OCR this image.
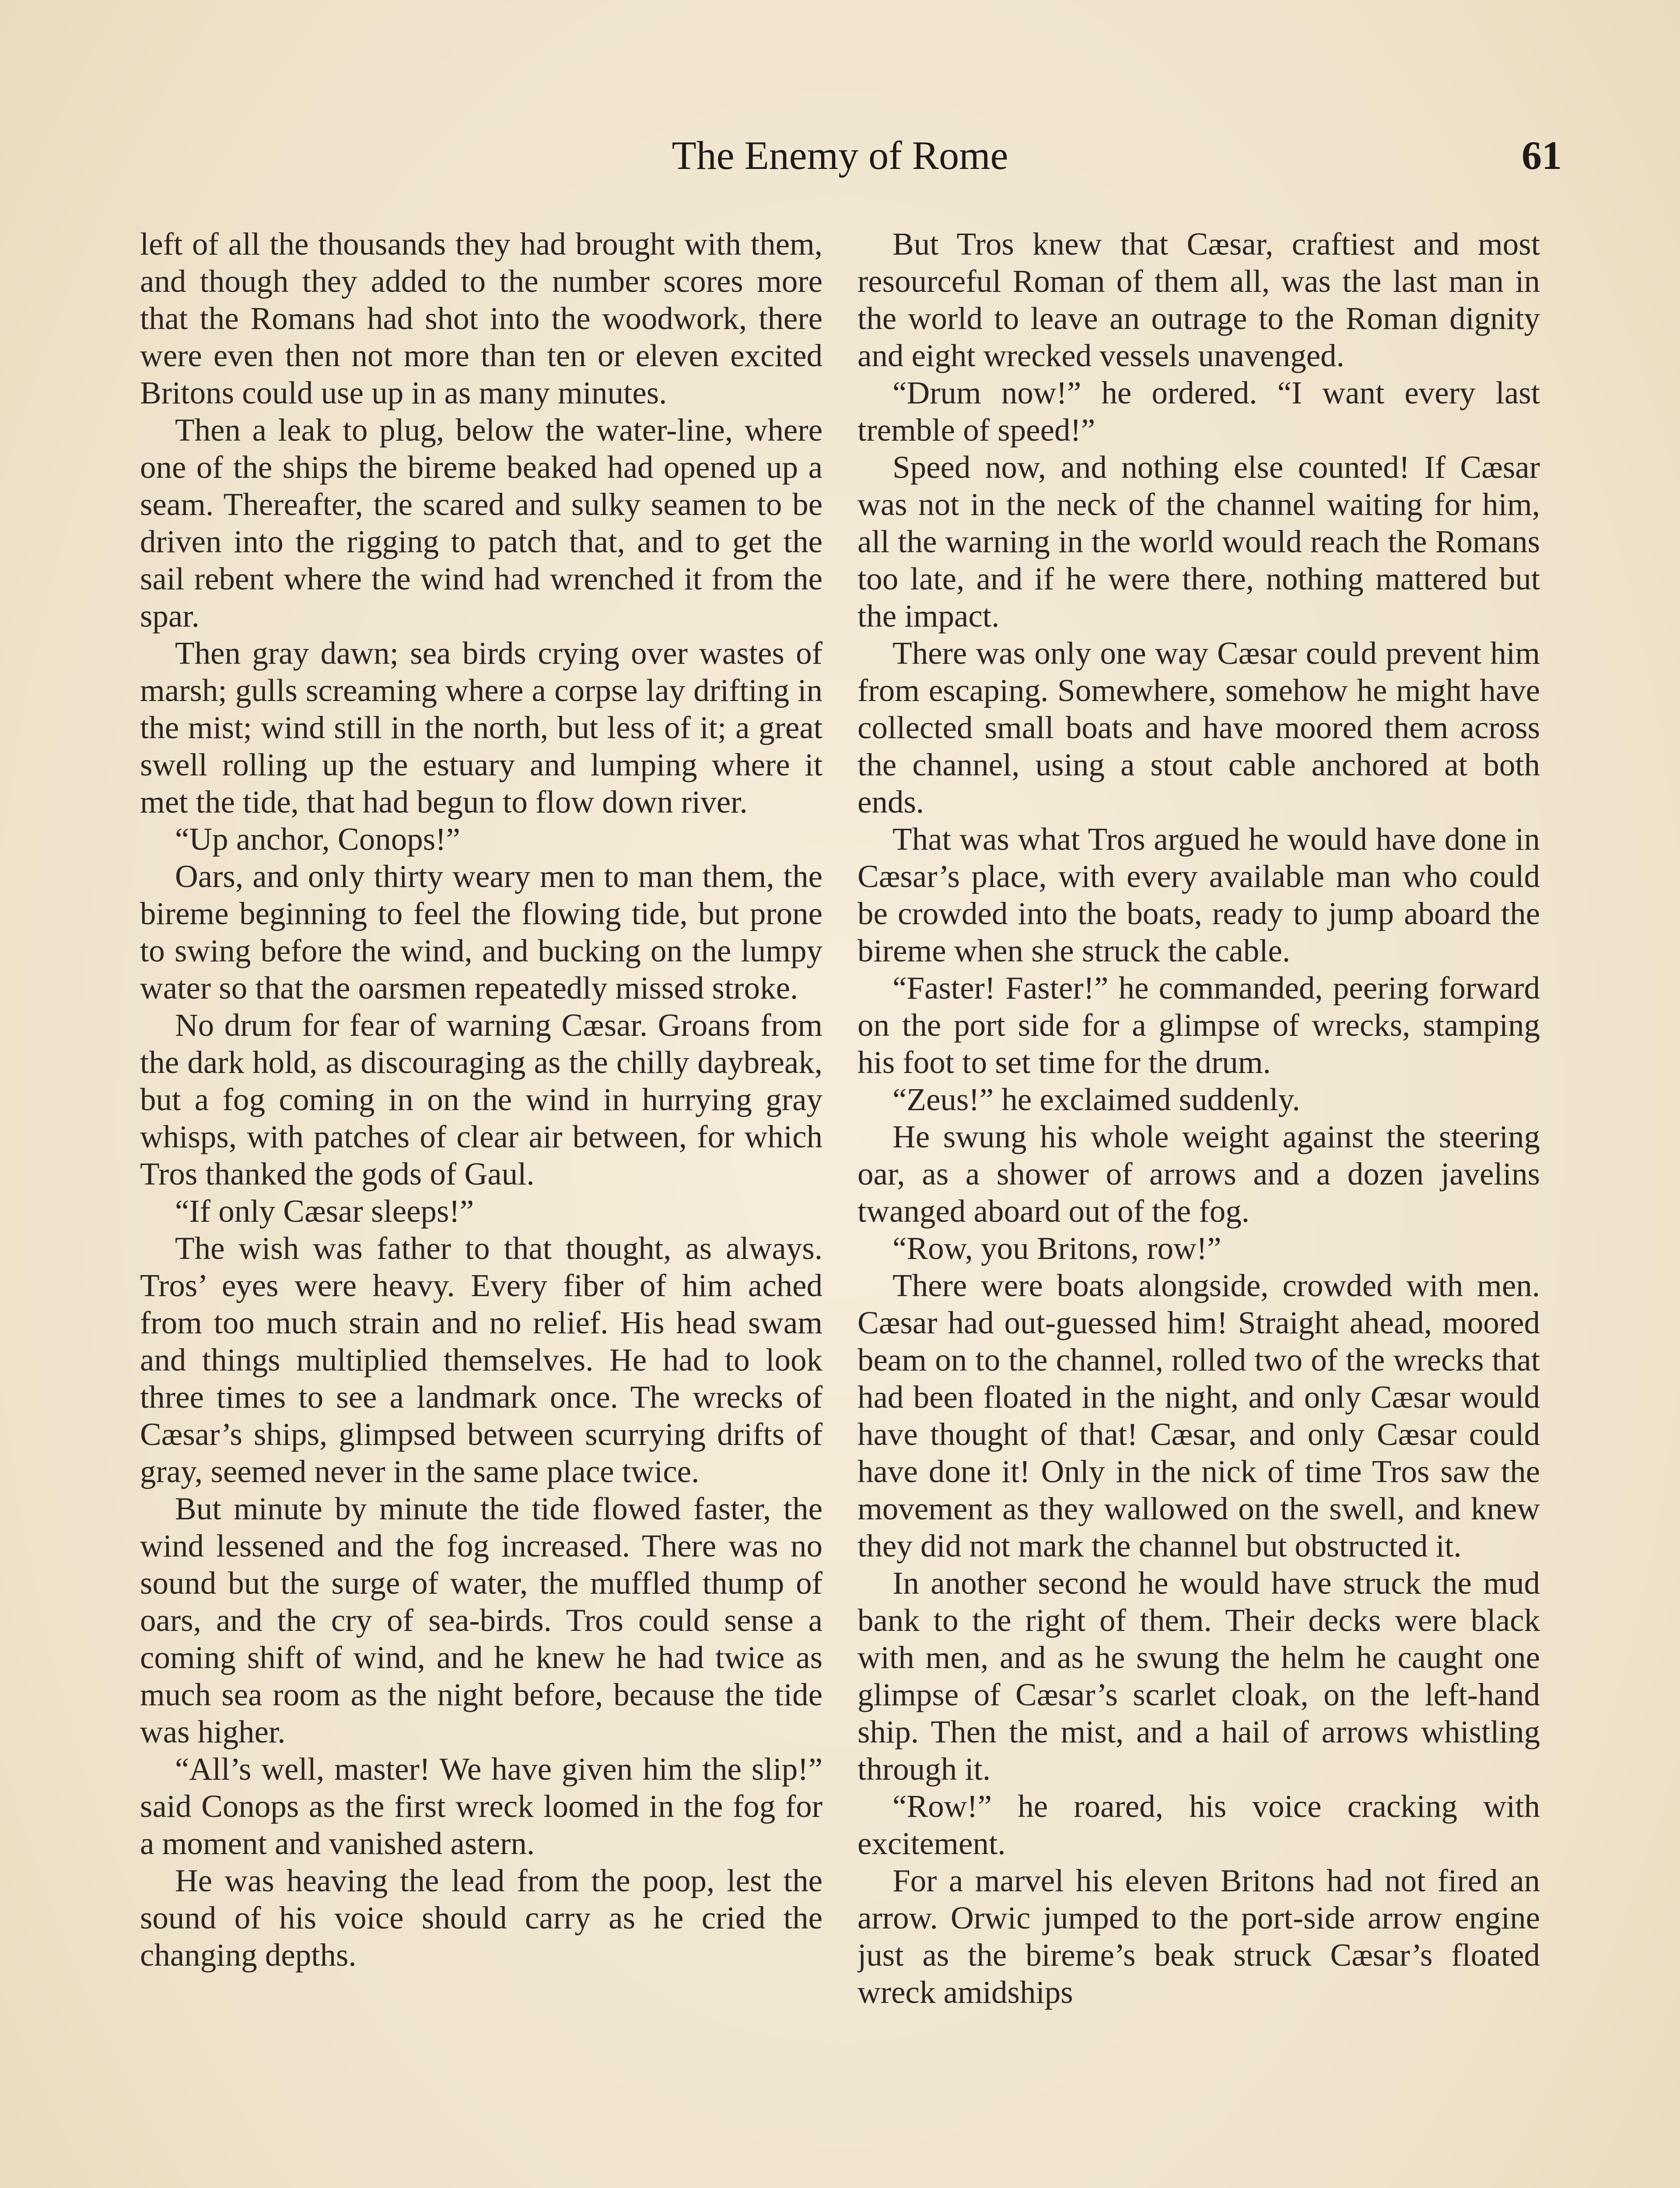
The Enemy of Rome	61

left of all the thousands they had brought with them, and though they added to the number scores more that the Romans had shot into the woodwork, there were even then not more than ten or eleven excited Britons could use up in as many minutes.

Then a leak to plug, below the water-line, where one of the ships the bireme beaked had opened up a seam. Thereafter, the scared and sulky seamen to be driven into the rigging to patch that, and to get the sail rebent where the wind had wrenched it from the spar.

Then gray dawn; sea birds crying over wastes of marsh; gulls screaming where a corpse lay drifting in the mist; wind still in the north, but less of it; a great swell rolling up the estuary and lumping where it met the tide, that had begun to flow down river.

“Up anchor, Conops!”

Oars, and only thirty weary men to man them, the bireme beginning to feel the flowing tide, but prone to swing before the wind, and bucking on the lumpy water so that the oarsmen repeatedly missed stroke.

No drum for fear of warning Cæsar. Groans from the dark hold, as discouraging as the chilly daybreak, but a fog coming in on the wind in hurrying gray whisps, with patches of clear air between, for which Tros thanked the gods of Gaul.

“If only Cæsar sleeps!”

The wish was father to that thought, as always. Tros’ eyes were heavy. Every fiber of him ached from too much strain and no relief. His head swam and things multiplied themselves. He had to look three times to see a landmark once. The wrecks of Cæsar’s ships, glimpsed between scurrying drifts of gray, seemed never in the same place twice.

But minute by minute the tide flowed faster, the wind lessened and the fog increased. There was no sound but the surge of water, the muffled thump of oars, and the cry of sea-birds. Tros could sense a coming shift of wind, and he knew he had twice as much sea room as the night before, because the tide was higher.

“All’s well, master! We have given him the slip!” said Conops as the first wreck loomed in the fog for a moment and vanished astern.

He was heaving the lead from the poop, lest the sound of his voice should carry as he cried the changing depths.

But Tros knew that Cæsar, craftiest and most resourceful Roman of them all, was the last man in the world to leave an outrage to the Roman dignity and eight wrecked vessels unavenged.

“Drum now!” he ordered. “I want every last tremble of speed!”

Speed now, and nothing else counted! If Cæsar was not in the neck of the channel waiting for him, all the warning in the world would reach the Romans too late, and if he were there, nothing mattered but the impact.

There was only one way Cæsar could prevent him from escaping. Somewhere, somehow he might have collected small boats and have moored them across the channel, using a stout cable anchored at both ends.

That was what Tros argued he would have done in Cæsar’s place, with every available man who could be crowded into the boats, ready to jump aboard the bireme when she struck the cable.

“Faster! Faster!” he commanded, peering forward on the port side for a glimpse of wrecks, stamping his foot to set time for the drum.

“Zeus!” he exclaimed suddenly.

He swung his whole weight against the steering oar, as a shower of arrows and a dozen javelins twanged aboard out of the fog.

“Row, you Britons, row!”

There were boats alongside, crowded with men. Cæsar had out-guessed him! Straight ahead, moored beam on to the channel, rolled two of the wrecks that had been floated in the night, and only Cæsar would have thought of that! Cæsar, and only Cæsar could have done it! Only in the nick of time Tros saw the movement as they wallowed on the swell, and knew they did not mark the channel but obstructed it.

In another second he would have struck the mud bank to the right of them. Their decks were black with men, and as he swung the helm he caught one glimpse of Cæsar’s scarlet cloak, on the left-hand ship. Then the mist, and a hail of arrows whistling through it.

“Row!” he roared, his voice cracking with excitement.

For a marvel his eleven Britons had not fired an arrow. Orwic jumped to the port-side arrow engine just as the bireme’s beak struck Cæsar’s floated wreck amidships
